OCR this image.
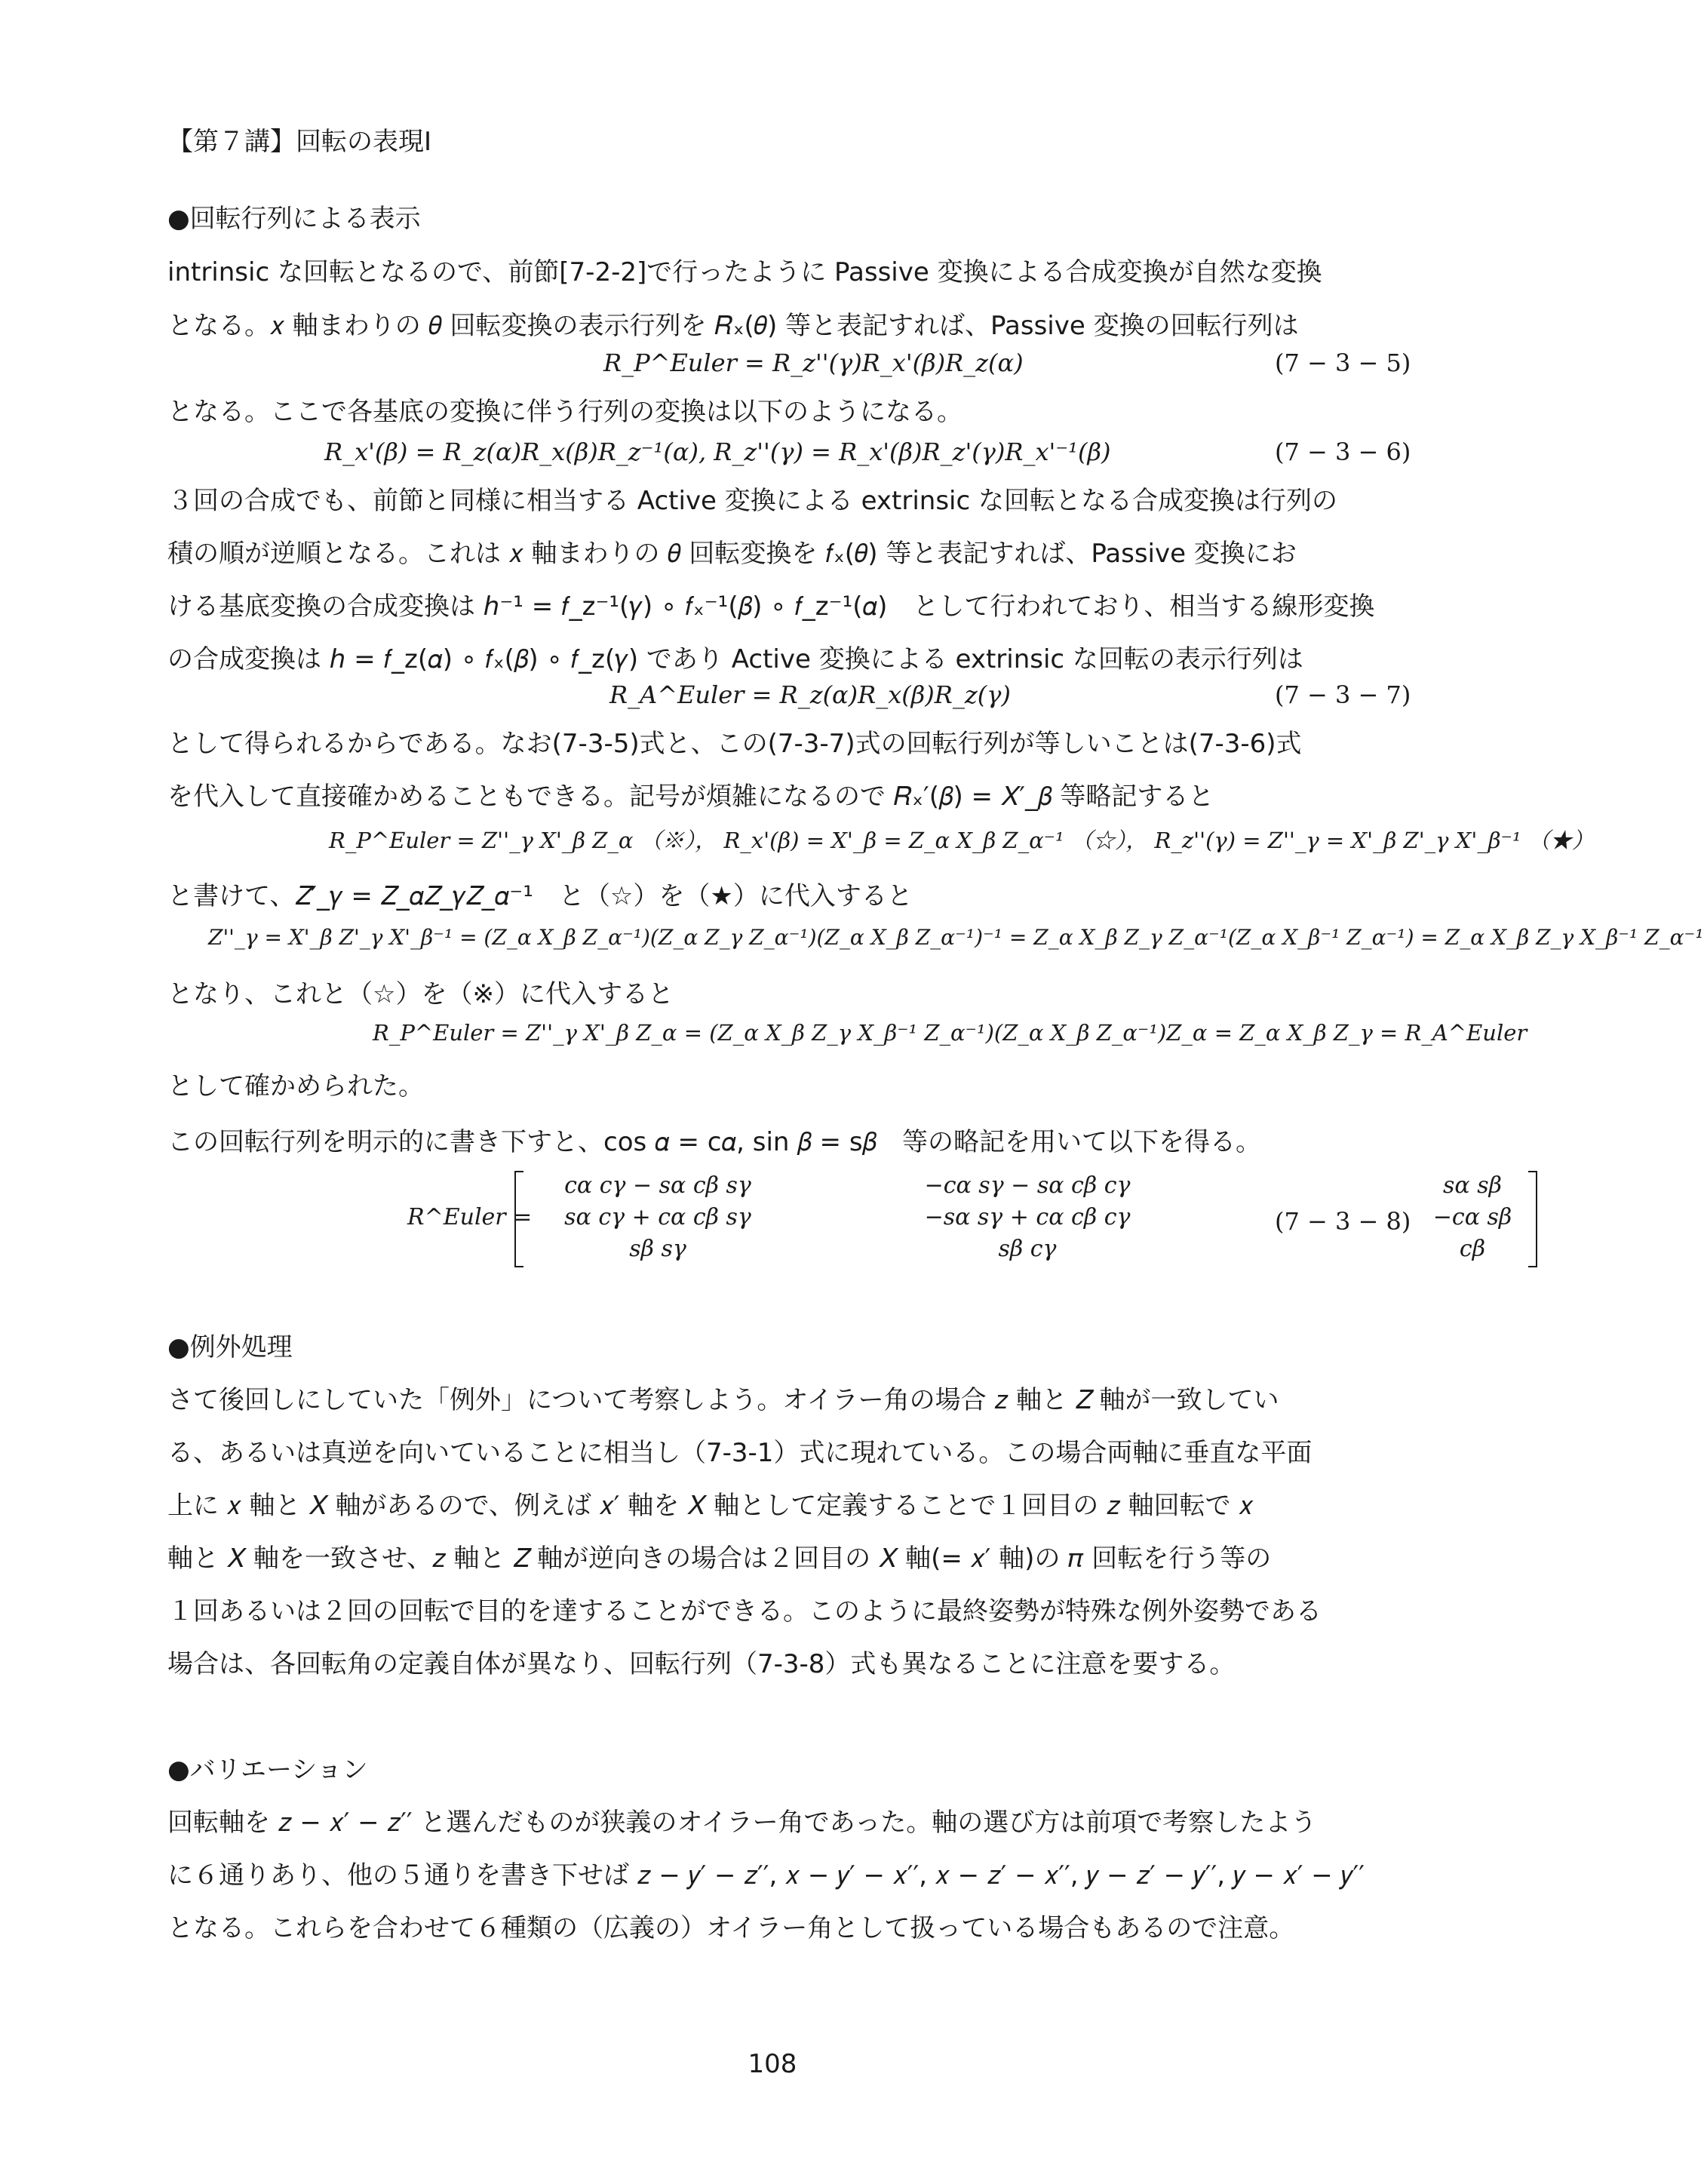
【第７講】回転の表現Ⅰ
●回転行列による表示
intrinsic な回転となるので、前節[7-2-2]で行ったように Passive 変換による合成変換が自然な変換
となる。𝑥 軸まわりの 𝜃 回転変換の表示行列を 𝑅ₓ(𝜃) 等と表記すれば、Passive 変換の回転行列は
R_P^Euler = R_z''(γ)R_x'(β)R_z(α)	(7 − 3 − 5)
となる。ここで各基底の変換に伴う行列の変換は以下のようになる。
R_x'(β) = R_z(α)R_x(β)R_z⁻¹(α), R_z''(γ) = R_x'(β)R_z'(γ)R_x'⁻¹(β)	(7 − 3 − 6)
３回の合成でも、前節と同様に相当する Active 変換による extrinsic な回転となる合成変換は行列の
積の順が逆順となる。これは 𝑥 軸まわりの 𝜃 回転変換を 𝑓ₓ(𝜃) 等と表記すれば、Passive 変換にお
ける基底変換の合成変換は ℎ⁻¹ = 𝑓_z⁻¹(𝛾) ∘ 𝑓ₓ⁻¹(𝛽) ∘ 𝑓_z⁻¹(𝛼)　として行われており、相当する線形変換
の合成変換は ℎ = 𝑓_z(𝛼) ∘ 𝑓ₓ(𝛽) ∘ 𝑓_z(𝛾) であり Active 変換による extrinsic な回転の表示行列は
R_A^Euler = R_z(α)R_x(β)R_z(γ)	(7 − 3 − 7)
として得られるからである。なお(7-3-5)式と、この(7-3-7)式の回転行列が等しいことは(7-3-6)式
を代入して直接確かめることもできる。記号が煩雑になるので 𝑅ₓ′(𝛽) = 𝑋′_𝛽 等略記すると
R_P^Euler = Z''_γ X'_β Z_α （※）， R_x'(β) = X'_β = Z_α X_β Z_α⁻¹ （☆）， R_z''(γ) = Z''_γ = X'_β Z'_γ X'_β⁻¹ （★）
と書けて、𝑍′_𝛾 = 𝑍_𝛼𝑍_𝛾𝑍_𝛼⁻¹　と（☆）を（★）に代入すると
Z''_γ = X'_β Z'_γ X'_β⁻¹ = (Z_α X_β Z_α⁻¹)(Z_α Z_γ Z_α⁻¹)(Z_α X_β Z_α⁻¹)⁻¹ = Z_α X_β Z_γ Z_α⁻¹(Z_α X_β⁻¹ Z_α⁻¹) = Z_α X_β Z_γ X_β⁻¹ Z_α⁻¹
となり、これと（☆）を（※）に代入すると
R_P^Euler = Z''_γ X'_β Z_α = (Z_α X_β Z_γ X_β⁻¹ Z_α⁻¹)(Z_α X_β Z_α⁻¹)Z_α = Z_α X_β Z_γ = R_A^Euler
として確かめられた。
この回転行列を明示的に書き下すと、cos 𝛼 = c𝛼, sin 𝛽 = s𝛽　等の略記を用いて以下を得る。
R^Euler =
cα cγ − sα cβ sγ	−cα sγ − sα cβ cγ	sα sβ
sα cγ + cα cβ sγ	−sα sγ + cα cβ cγ	−cα sβ
sβ sγ	sβ cγ	cβ
(7 − 3 − 8)
●例外処理
さて後回しにしていた「例外」について考察しよう。オイラー角の場合 𝑧 軸と 𝑍 軸が一致してい
る、あるいは真逆を向いていることに相当し（7-3-1）式に現れている。この場合両軸に垂直な平面
上に 𝑥 軸と 𝑋 軸があるので、例えば 𝑥′ 軸を 𝑋 軸として定義することで１回目の 𝑧 軸回転で 𝑥
軸と 𝑋 軸を一致させ、𝑧 軸と 𝑍 軸が逆向きの場合は２回目の 𝑋 軸(= 𝑥′ 軸)の 𝜋 回転を行う等の
１回あるいは２回の回転で目的を達することができる。このように最終姿勢が特殊な例外姿勢である
場合は、各回転角の定義自体が異なり、回転行列（7-3-8）式も異なることに注意を要する。
●バリエーション
回転軸を 𝑧 − 𝑥′ − 𝑧′′ と選んだものが狭義のオイラー角であった。軸の選び方は前項で考察したよう
に６通りあり、他の５通りを書き下せば 𝑧 − 𝑦′ − 𝑧′′, 𝑥 − 𝑦′ − 𝑥′′, 𝑥 − 𝑧′ − 𝑥′′, 𝑦 − 𝑧′ − 𝑦′′, 𝑦 − 𝑥′ − 𝑦′′
となる。これらを合わせて６種類の（広義の）オイラー角として扱っている場合もあるので注意。
108
